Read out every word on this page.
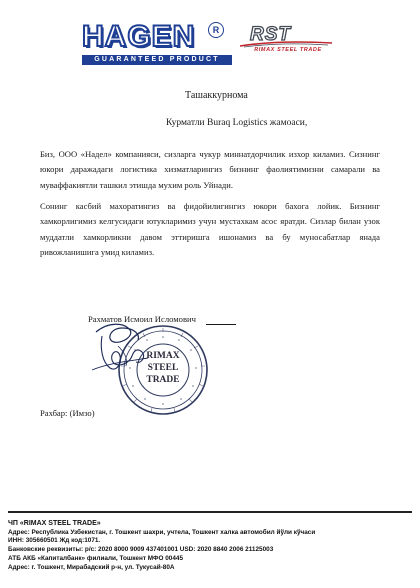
HAGEN
GUARANTEED PRODUCT
R RST
RIMAX STEEL TRADE
Ташаккурнома
Курматли Buraq Logistics жамоаси,
Биз, ООО «Надел» компанияси, сизларга чукур миннатдорчилик изхор киламиз. Сизнинг юкори даражадаги логистика хизматларингиз бизнинг фаолиятимизни самарали ва муваффакиятли ташкил этишда мухим роль Уйнади.
Сонинг касбий махоратингиз ва фидойилигингиз юкори бахога лойик. Бизнинг хамкорлигимиз келгусидаги ютукларимиз учун мустахкам асос яратди. Сизлар билан узок муддатли хамкорликни давом эттиришга ишонамиз ва бу муносабатлар янада ривожланишига умид киламиз.
Рахматов Исмоил Исломович
RIMAX
STEEL
TRADE
Рахбар: (Имзо)
ЧП «RIMAX STEEL TRADE»
Адрес: Республика Узбекистан, г. Тошкент шахри, учтела, Тошкент халка автомобил йўли кўчаси
ИНН: 305660501 Жд код:1071.
Банковские реквизиты: р/с: 2020 8000 9009 437401001 USD: 2020 8840 2006 21125003
АТБ АКБ «Капиталбанк» филиали, Тошкент МФО 00445
Адрес: г. Тошкент, Мирабадский р-н, ул. Тукусай-80А
